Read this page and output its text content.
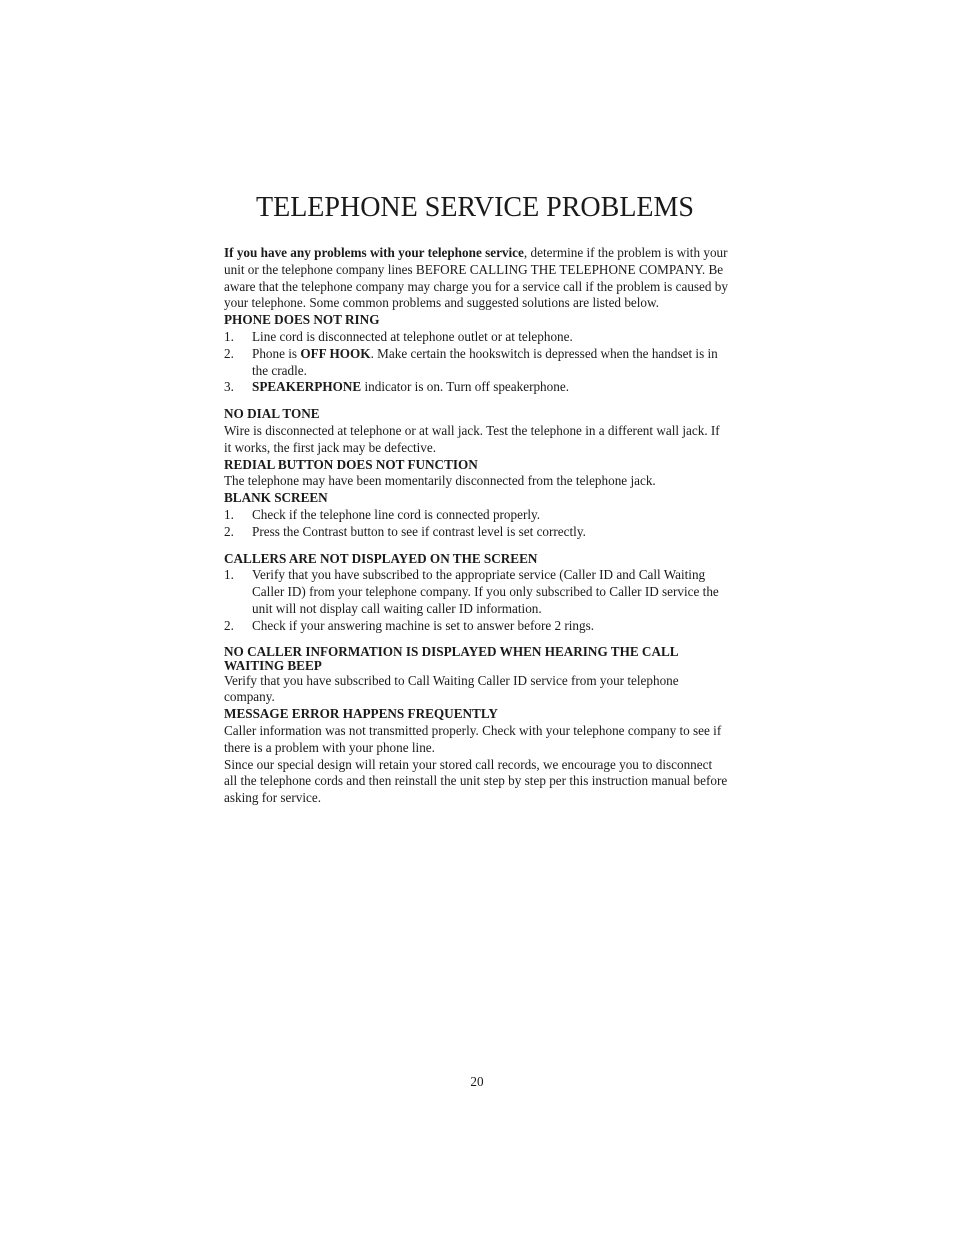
TELEPHONE SERVICE PROBLEMS

If you have any problems with your telephone service, determine if the problem is with your unit or the telephone company lines BEFORE CALLING THE TELEPHONE COMPANY. Be aware that the telephone company may charge you for a service call if the problem is caused by your telephone. Some common problems and suggested solutions are listed below.

PHONE DOES NOT RING

1. Line cord is disconnected at telephone outlet or at telephone.
2. Phone is OFF HOOK. Make certain the hookswitch is depressed when the handset is in the cradle.
3. SPEAKERPHONE indicator is on. Turn off speakerphone.

NO DIAL TONE

Wire is disconnected at telephone or at wall jack. Test the telephone in a different wall jack. If it works, the first jack may be defective.

REDIAL BUTTON DOES NOT FUNCTION

The telephone may have been momentarily disconnected from the telephone jack.

BLANK SCREEN

1. Check if the telephone line cord is connected properly.
2. Press the Contrast button to see if contrast level is set correctly.

CALLERS ARE NOT DISPLAYED ON THE SCREEN

1. Verify that you have subscribed to the appropriate service (Caller ID and Call Waiting Caller ID) from your telephone company. If you only subscribed to Caller ID service the unit will not display call waiting caller ID information.
2. Check if your answering machine is set to answer before 2 rings.

NO CALLER INFORMATION IS DISPLAYED WHEN HEARING THE CALL WAITING BEEP

Verify that you have subscribed to Call Waiting Caller ID service from your telephone company.

MESSAGE ERROR HAPPENS FREQUENTLY

Caller information was not transmitted properly. Check with your telephone company to see if there is a problem with your phone line.

Since our special design will retain your stored call records, we encourage you to disconnect all the telephone cords and then reinstall the unit step by step per this instruction manual before asking for service.

20
